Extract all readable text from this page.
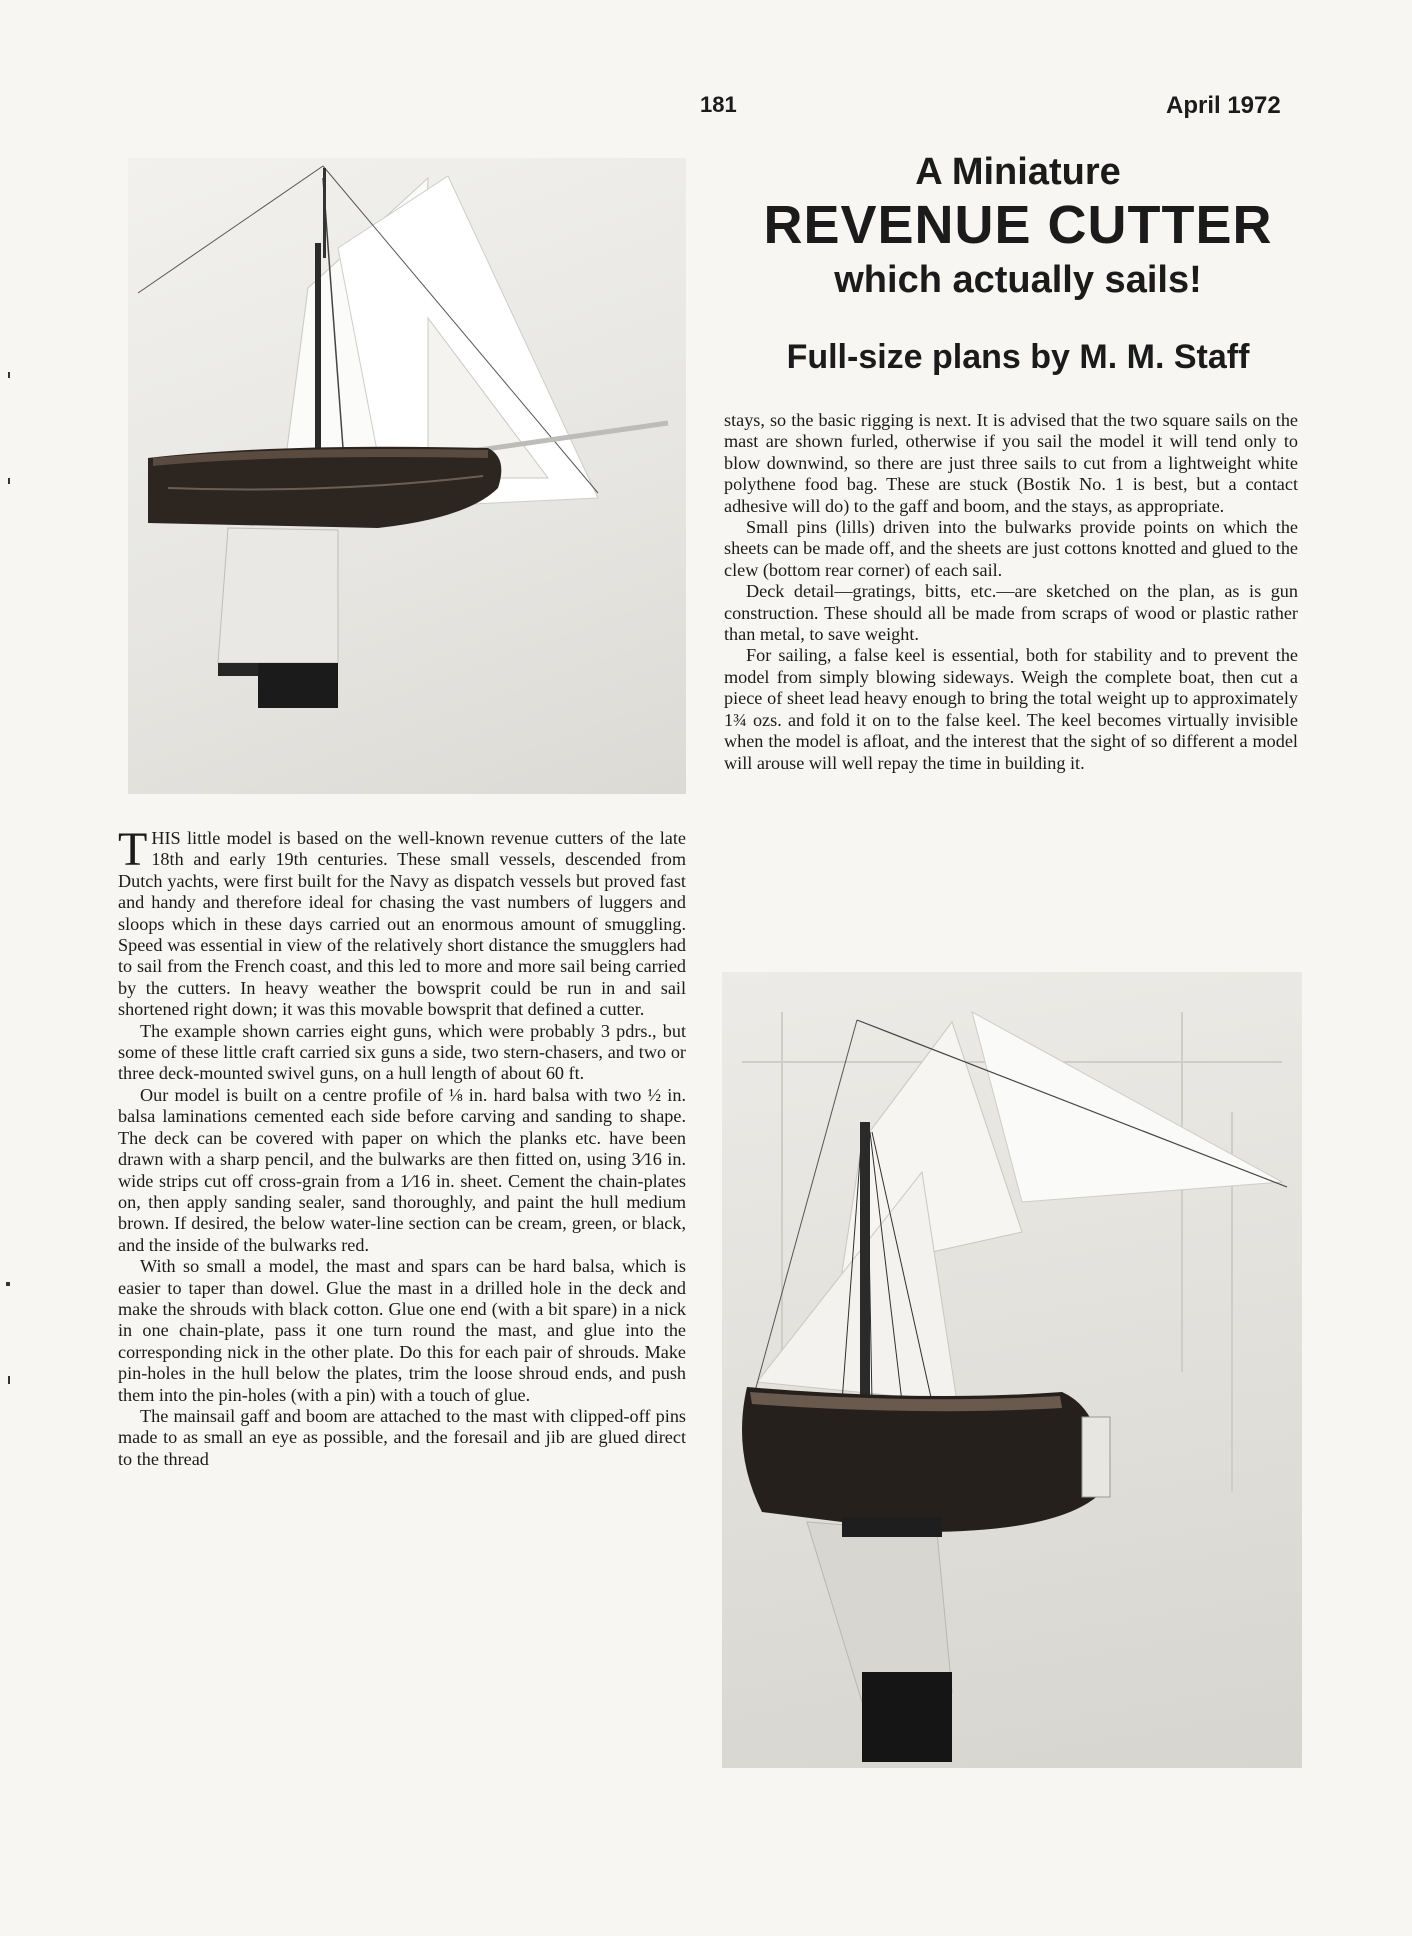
181	April 1972
A Miniature
REVENUE CUTTER
which actually sails!
Full-size plans by M. M. Staff

THIS little model is based on the well-known revenue cutters of the late 18th and early 19th centuries. These small vessels, descended from Dutch yachts, were first built for the Navy as dispatch vessels but proved fast and handy and therefore ideal for chasing the vast numbers of luggers and sloops which in these days carried out an enormous amount of smuggling. Speed was essential in view of the relatively short distance the smugglers had to sail from the French coast, and this led to more and more sail being carried by the cutters. In heavy weather the bowsprit could be run in and sail shortened right down; it was this movable bowsprit that defined a cutter.

The example shown carries eight guns, which were probably 3 pdrs., but some of these little craft carried six guns a side, two stern-chasers, and two or three deck-mounted swivel guns, on a hull length of about 60 ft.

Our model is built on a centre profile of ⅛ in. hard balsa with two ½ in. balsa laminations cemented each side before carving and sanding to shape. The deck can be covered with paper on which the planks etc. have been drawn with a sharp pencil, and the bulwarks are then fitted on, using 3⁄16 in. wide strips cut off cross-grain from a 1⁄16 in. sheet. Cement the chain-plates on, then apply sanding sealer, sand thoroughly, and paint the hull medium brown. If desired, the below water-line section can be cream, green, or black, and the inside of the bulwarks red.

With so small a model, the mast and spars can be hard balsa, which is easier to taper than dowel. Glue the mast in a drilled hole in the deck and make the shrouds with black cotton. Glue one end (with a bit spare) in a nick in one chain-plate, pass it one turn round the mast, and glue into the corresponding nick in the other plate. Do this for each pair of shrouds. Make pin-holes in the hull below the plates, trim the loose shroud ends, and push them into the pin-holes (with a pin) with a touch of glue.

The mainsail gaff and boom are attached to the mast with clipped-off pins made to as small an eye as possible, and the foresail and jib are glued direct to the thread

stays, so the basic rigging is next. It is advised that the two square sails on the mast are shown furled, otherwise if you sail the model it will tend only to blow downwind, so there are just three sails to cut from a lightweight white polythene food bag. These are stuck (Bostik No. 1 is best, but a contact adhesive will do) to the gaff and boom, and the stays, as appropriate.

Small pins (lills) driven into the bulwarks provide points on which the sheets can be made off, and the sheets are just cottons knotted and glued to the clew (bottom rear corner) of each sail.

Deck detail—gratings, bitts, etc.—are sketched on the plan, as is gun construction. These should all be made from scraps of wood or plastic rather than metal, to save weight.

For sailing, a false keel is essential, both for stability and to prevent the model from simply blowing sideways. Weigh the complete boat, then cut a piece of sheet lead heavy enough to bring the total weight up to approximately 1¾ ozs. and fold it on to the false keel. The keel becomes virtually invisible when the model is afloat, and the interest that the sight of so different a model will arouse will well repay the time in building it.
